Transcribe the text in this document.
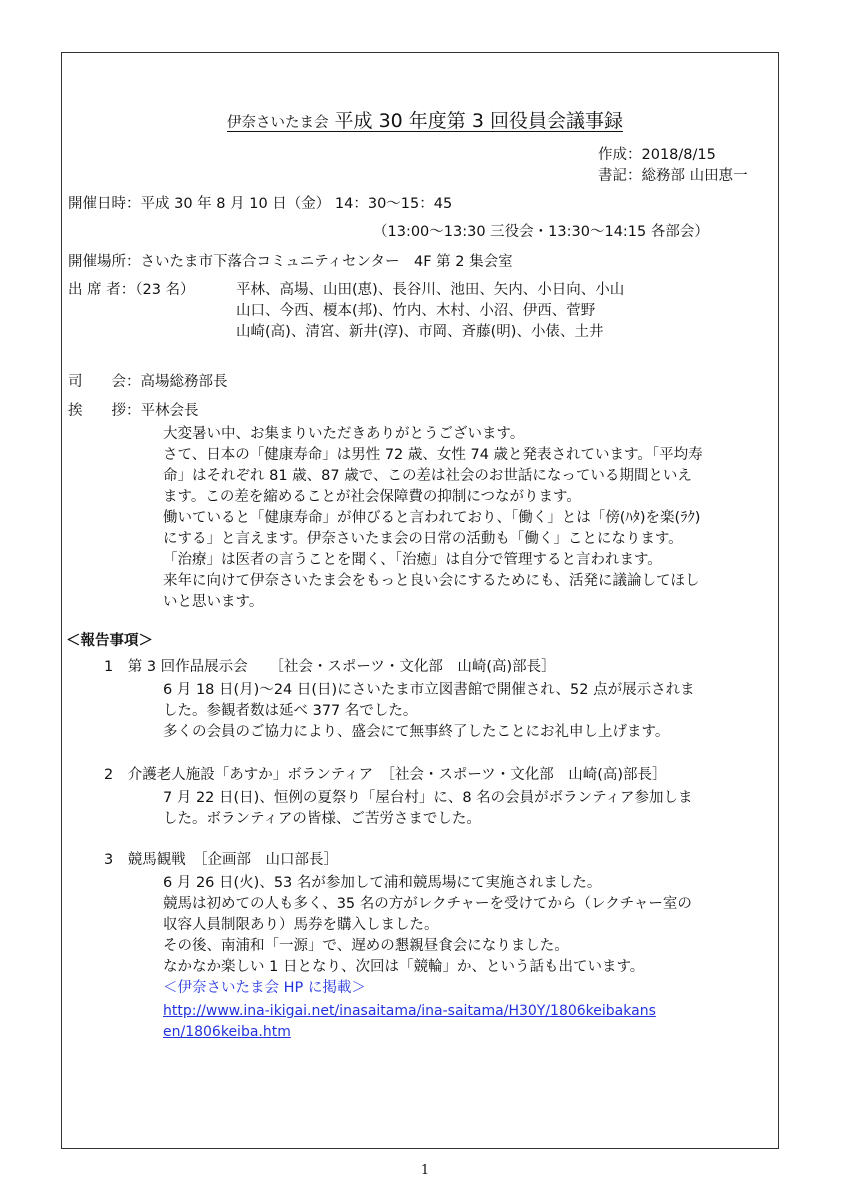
伊奈さいたま会 平成 30 年度第 3 回役員会議事録
作成：2018/8/15
書記：総務部 山田恵一
開催日時：平成 30 年 8 月 10 日（金） 14：30～15：45
（13:00～13:30 三役会・13:30～14:15 各部会）
開催場所：さいたま市下落合コミュニティセンター　4F 第 2 集会室
出 席 者：（23 名）	平林、高場、山田(恵)、長谷川、池田、矢内、小日向、小山
山口、今西、榎本(邦)、竹内、木村、小沼、伊西、菅野
山崎(高)、清宮、新井(淳)、市岡、斉藤(明)、小俵、土井
司　　会：高場総務部長
挨　　拶：平林会長
大変暑い中、お集まりいただきありがとうございます。
さて、日本の「健康寿命」は男性 72 歳、女性 74 歳と発表されています。「平均寿
命」はそれぞれ 81 歳、87 歳で、この差は社会のお世話になっている期間といえ
ます。この差を縮めることが社会保障費の抑制につながります。
働いていると「健康寿命」が伸びると言われており、「働く」とは「傍(ﾊﾀ)を楽(ﾗｸ)
にする」と言えます。伊奈さいたま会の日常の活動も「働く」ことになります。
「治療」は医者の言うことを聞く、「治癒」は自分で管理すると言われます。
来年に向けて伊奈さいたま会をもっと良い会にするためにも、活発に議論してほし
いと思います。
＜報告事項＞
1　第 3 回作品展示会　　［社会・スポーツ・文化部　山崎(高)部長］
6 月 18 日(月)～24 日(日)にさいたま市立図書館で開催され、52 点が展示されま
した。参観者数は延べ 377 名でした。
多くの会員のご協力により、盛会にて無事終了したことにお礼申し上げます。
2　介護老人施設「あすか」ボランティア　［社会・スポーツ・文化部　山崎(高)部長］
7 月 22 日(日)、恒例の夏祭り「屋台村」に、8 名の会員がボランティア参加しま
した。ボランティアの皆様、ご苦労さまでした。
3　競馬観戦　［企画部　山口部長］
6 月 26 日(火)、53 名が参加して浦和競馬場にて実施されました。
競馬は初めての人も多く、35 名の方がレクチャーを受けてから（レクチャー室の
収容人員制限あり）馬券を購入しました。
その後、南浦和「一源」で、遅めの懇親昼食会になりました。
なかなか楽しい 1 日となり、次回は「競輪」か、という話も出ています。
＜伊奈さいたま会 HP に掲載＞
http://www.ina-ikigai.net/inasaitama/ina-saitama/H30Y/1806keibakans
en/1806keiba.htm
1
